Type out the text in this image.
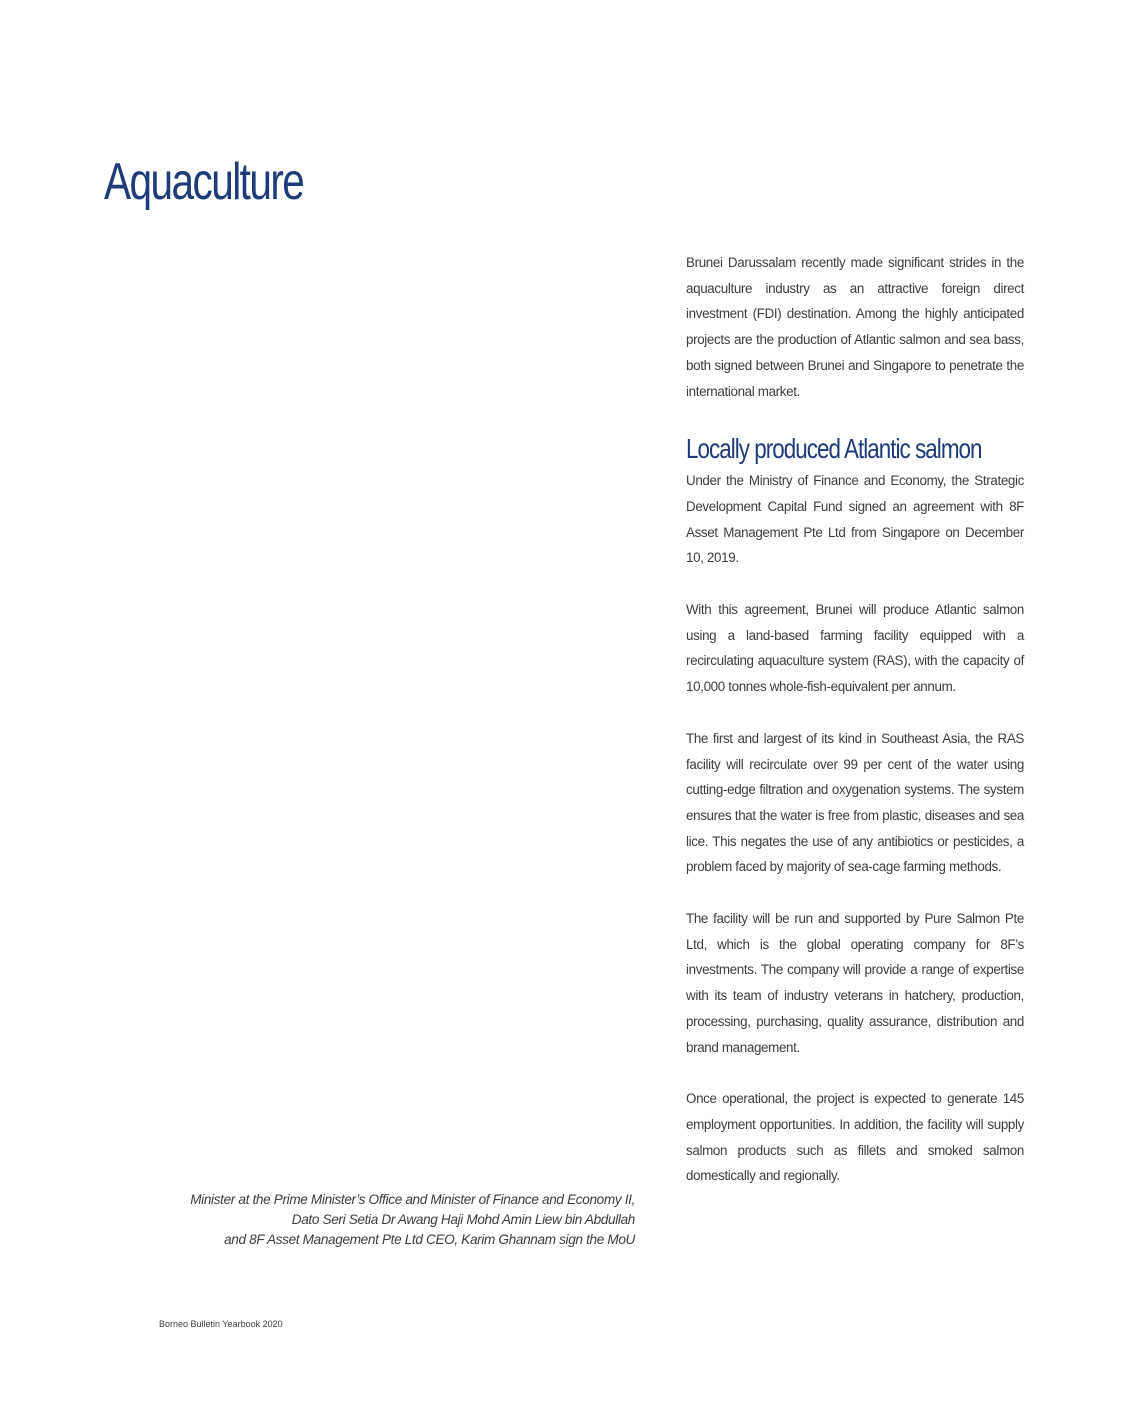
Aquaculture

Brunei Darussalam recently made significant strides in the aquaculture industry as an attractive foreign direct investment (FDI) destination. Among the highly anticipated projects are the production of Atlantic salmon and sea bass, both signed between Brunei and Singapore to penetrate the international market.

Locally produced Atlantic salmon

Under the Ministry of Finance and Economy, the Strategic Development Capital Fund signed an agreement with 8F Asset Management Pte Ltd from Singapore on December 10, 2019.

With this agreement, Brunei will produce Atlantic salmon using a land-based farming facility equipped with a recirculating aquaculture system (RAS), with the capacity of 10,000 tonnes whole-fish-equivalent per annum.

The first and largest of its kind in Southeast Asia, the RAS facility will recirculate over 99 per cent of the water using cutting-edge filtration and oxygenation systems. The system ensures that the water is free from plastic, diseases and sea lice. This negates the use of any antibiotics or pesticides, a problem faced by majority of sea-cage farming methods.

The facility will be run and supported by Pure Salmon Pte Ltd, which is the global operating company for 8F’s investments. The company will provide a range of expertise with its team of industry veterans in hatchery, production, processing, purchasing, quality assurance, distribution and brand management.

Once operational, the project is expected to generate 145 employment opportunities. In addition, the facility will supply salmon products such as fillets and smoked salmon domestically and regionally.

Minister at the Prime Minister’s Office and Minister of Finance and Economy II,
Dato Seri Setia Dr Awang Haji Mohd Amin Liew bin Abdullah
and 8F Asset Management Pte Ltd CEO, Karim Ghannam sign the MoU

Borneo Bulletin Yearbook 2020
